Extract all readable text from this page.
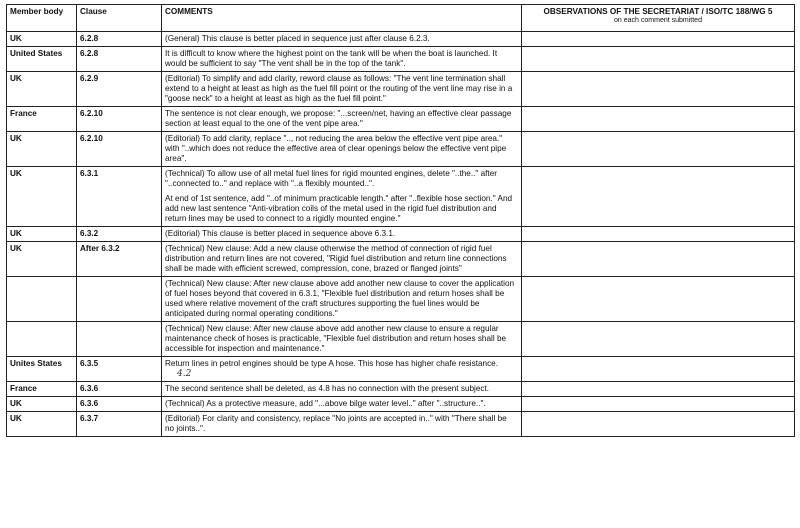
Member body	Clause	COMMENTS	OBSERVATIONS OF THE SECRETARIAT / ISO/TC 188/WG 5
on each comment submitted

UK	6.2.8	(General) This clause is better placed in sequence just after clause 6.2.3.	

United States	6.2.8	It is difficult to know where the highest point on the tank will be when the boat is launched. It would be sufficient to say "The vent shall be in the top of the tank".	

UK	6.2.9	(Editorial) To simplify and add clarity, reword clause as follows: "The vent line termination shall extend to a height at least as high as the fuel fill point or the routing of the vent line may rise in a "goose neck" to a height at least as high as the fuel fill point."	

France	6.2.10	The sentence is not clear enough, we propose: "...screen/net, having an effective clear passage section at least equal to the one of the vent pipe area."	

UK	6.2.10	(Editorial) To add clarity, replace ".., not reducing the area below the effective vent pipe area." with "..which does not reduce the effective area of clear openings below the effective vent pipe area".	

UK	6.3.1	(Technical) To allow use of all metal fuel lines for rigid mounted engines, delete "..the.." after "..connected to.." and replace with "..a flexibly mounted..".

At end of 1st sentence, add "..of minimum practicable length." after "..flexible hose section." And add new last sentence "Anti-vibration coils of the metal used in the rigid fuel distribution and return lines may be used to connect to a rigidly mounted engine."	

UK	6.3.2	(Editorial) This clause is better placed in sequence above 6.3.1.	

UK	After 6.3.2	(Technical) New clause: Add a new clause otherwise the method of connection of rigid fuel distribution and return lines are not covered, "Rigid fuel distribution and return line connections shall be made with efficient screwed, compression, cone, brazed or flanged joints"	

		(Technical) New clause: After new clause above add another new clause to cover the application of fuel hoses beyond that covered in 6.3.1, "Flexible fuel distribution and return hoses shall be used where relative movement of the craft structures supporting the fuel lines would be anticipated during normal operating conditions."	

		(Technical) New clause: After new clause above add another new clause to ensure a regular maintenance check of hoses is practicable, "Flexible fuel distribution and return hoses shall be accessible for inspection and maintenance."	

Unites States	6.3.5	Return lines in petrol engines should be type A hose. This hose has higher chafe resistance.

4.2	
France	6.3.6	The second sentence shall be deleted, as 4.8 has no connection with the present subject.	

UK	6.3.6	(Technical) As a protective measure, add "...above bilge water level.." after "..structure..".	

UK	6.3.7	(Editorial) For clarity and consistency, replace "No joints are accepted in.." with "There shall be no joints..".	
